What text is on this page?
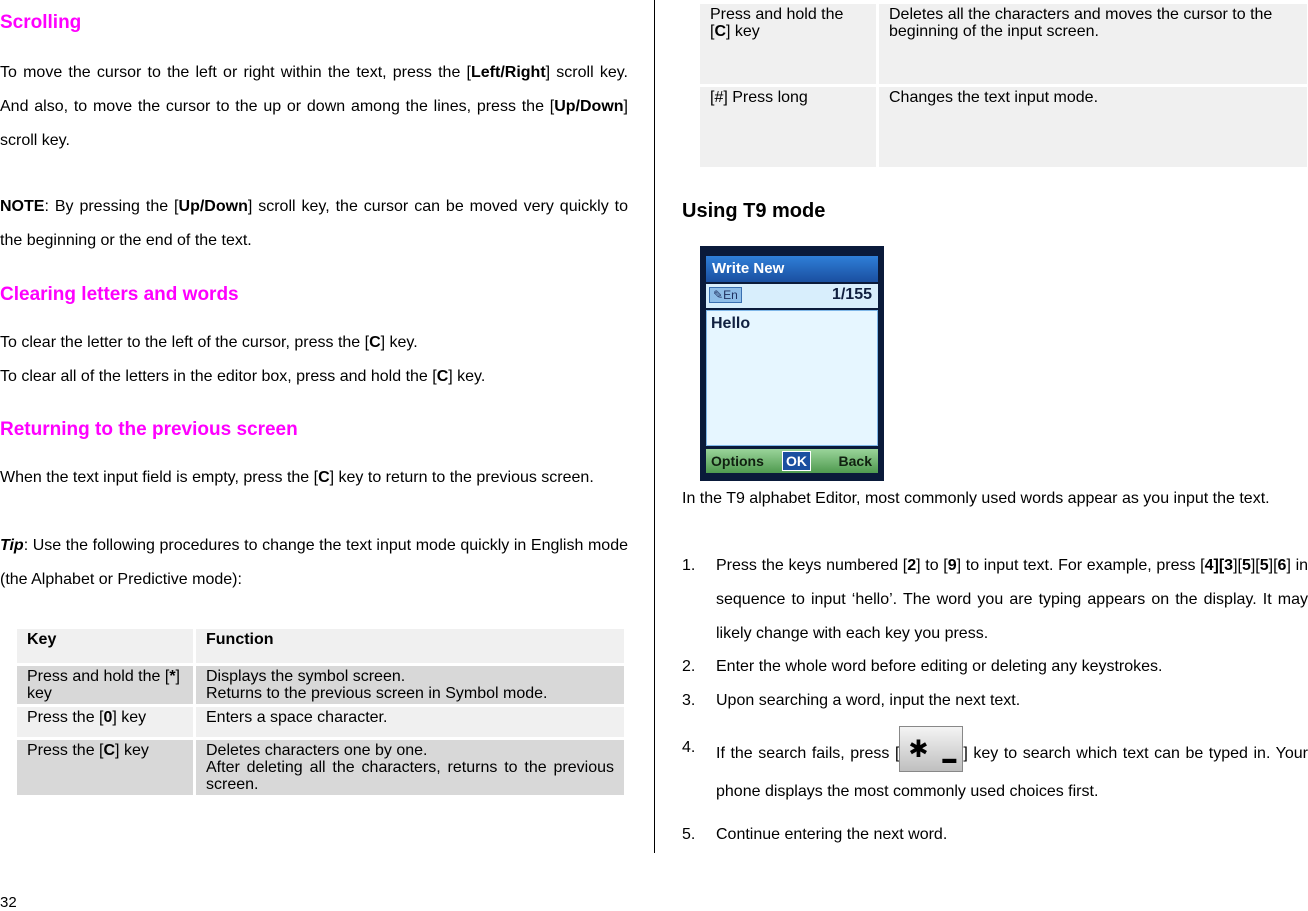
Scrolling

To move the cursor to the left or right within the text, press the [Left/Right] scroll key. And also, to move the cursor to the up or down among the lines, press the [Up/Down] scroll key.

NOTE: By pressing the [Up/Down] scroll key, the cursor can be moved very quickly to the beginning or the end of the text.

Clearing letters and words

To clear the letter to the left of the cursor, press the [C] key.

To clear all of the letters in the editor box, press and hold the [C] key.

Returning to the previous screen

When the text input field is empty, press the [C] key to return to the previous screen.

Tip: Use the following procedures to change the text input mode quickly in English mode (the Alphabet or Predictive mode):

Key	Function
Press and hold the [*] key	Displays the symbol screen.
Returns to the previous screen in Symbol mode.

Press the [0] key	Enters a space character.

Press the [C] key	Deletes characters one by one.
After deleting all the characters, returns to the previous screen.
32
Press and hold the [C] key	Deletes all the characters and moves the cursor to the beginning of the input screen.
[#] Press long	Changes the text input mode.
Using T9 mode
Write New
✎En	1/155
Hello
Options OK Back

In the T9 alphabet Editor, most commonly used words appear as you input the text.

1. Press the keys numbered [2] to [9] to input text. For example, press [4][3][5][5][6] in sequence to input ‘hello’. The word you are typing appears on the display. It may likely change with each key you press.
2. Enter the whole word before editing or deleting any keystrokes.
3. Upon searching a word, input the next text.
4. If the search fails, press [ ✱ ▬ ] key to search which text can be typed in. Your phone displays the most commonly used choices first.
5. Continue entering the next word.
